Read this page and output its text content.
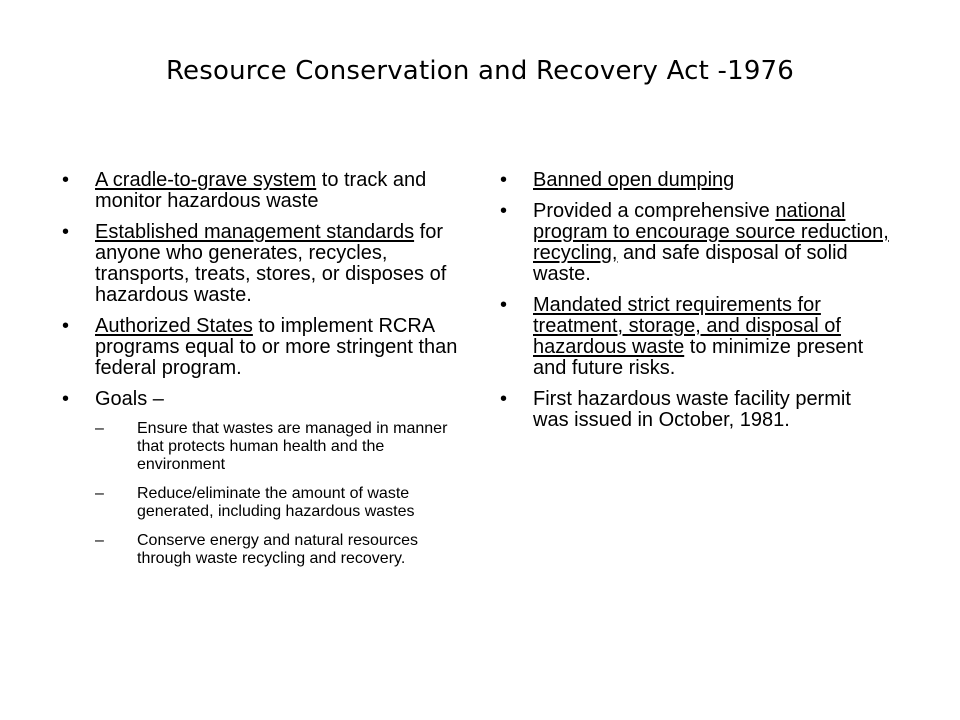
Resource Conservation and Recovery Act -1976
• A cradle-to-grave system to track and monitor hazardous waste
• Established management standards for anyone who generates, recycles, transports, treats, stores, or disposes of hazardous waste.
• Authorized States to implement RCRA programs equal to or more stringent than federal program.
• Goals –
– Ensure that wastes are managed in manner that protects human health and the environment
– Reduce/eliminate the amount of waste generated, including hazardous wastes
– Conserve energy and natural resources through waste recycling and recovery.
• Banned open dumping
• Provided a comprehensive national program to encourage source reduction, recycling, and safe disposal of solid waste.
• Mandated strict requirements for treatment, storage, and disposal of hazardous waste to minimize present and future risks.
• First hazardous waste facility permit was issued in October, 1981.
